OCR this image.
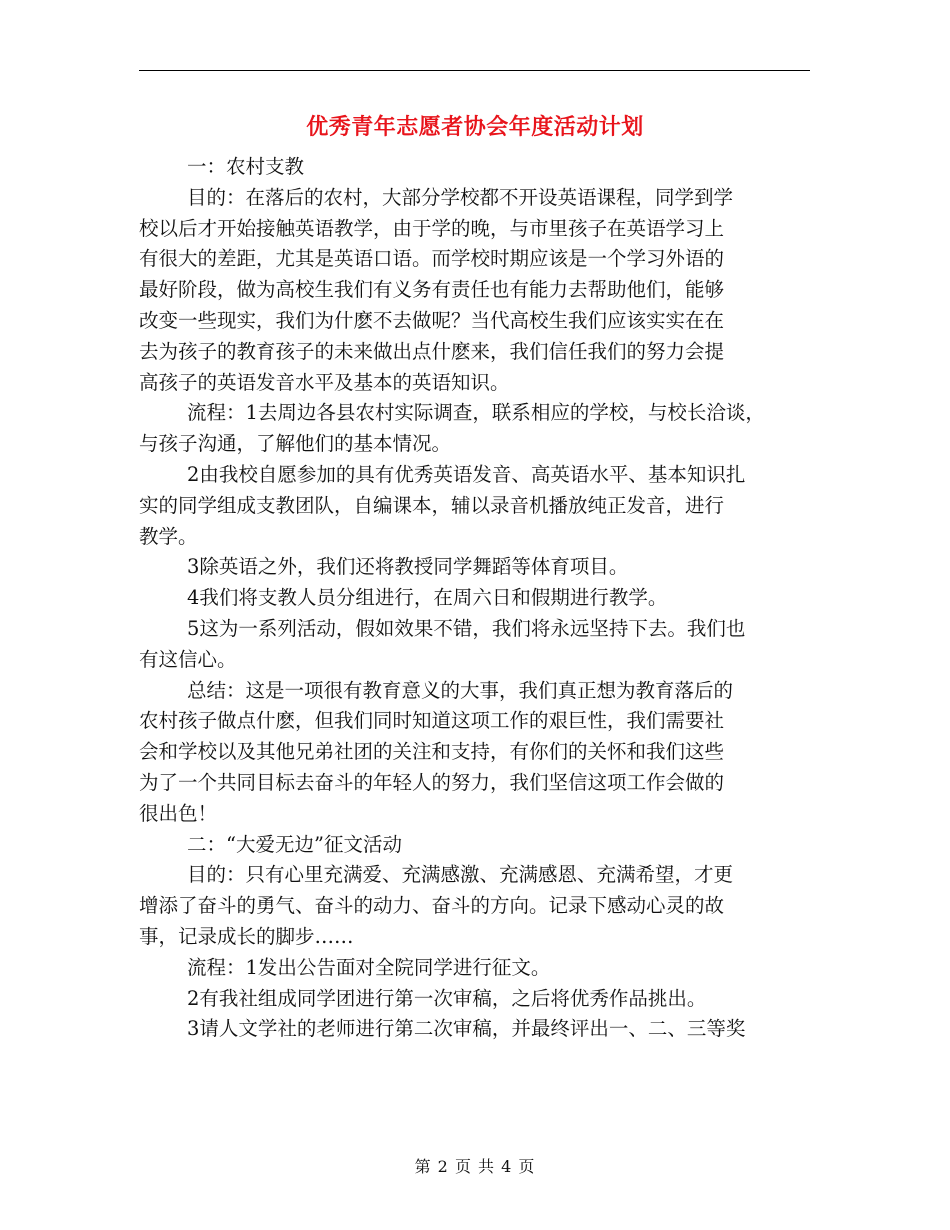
优秀青年志愿者协会年度活动计划
一：农村支教
目的：在落后的农村，大部分学校都不开设英语课程，同学到学
校以后才开始接触英语教学，由于学的晚，与市里孩子在英语学习上
有很大的差距，尤其是英语口语。而学校时期应该是一个学习外语的
最好阶段，做为高校生我们有义务有责任也有能力去帮助他们，能够
改变一些现实，我们为什麽不去做呢？当代高校生我们应该实实在在
去为孩子的教育孩子的未来做出点什麽来，我们信任我们的努力会提
高孩子的英语发音水平及基本的英语知识。
流程：1去周边各县农村实际调查，联系相应的学校，与校长洽谈，
与孩子沟通，了解他们的基本情况。
2由我校自愿参加的具有优秀英语发音、高英语水平、基本知识扎
实的同学组成支教团队，自编课本，辅以录音机播放纯正发音，进行
教学。
3除英语之外，我们还将教授同学舞蹈等体育项目。
4我们将支教人员分组进行，在周六日和假期进行教学。
5这为一系列活动，假如效果不错，我们将永远坚持下去。我们也
有这信心。
总结：这是一项很有教育意义的大事，我们真正想为教育落后的
农村孩子做点什麽，但我们同时知道这项工作的艰巨性，我们需要社
会和学校以及其他兄弟社团的关注和支持，有你们的关怀和我们这些
为了一个共同目标去奋斗的年轻人的努力，我们坚信这项工作会做的
很出色！
二：“大爱无边”征文活动
目的：只有心里充满爱、充满感激、充满感恩、充满希望，才更
增添了奋斗的勇气、奋斗的动力、奋斗的方向。记录下感动心灵的故
事，记录成长的脚步……
流程：1发出公告面对全院同学进行征文。
2有我社组成同学团进行第一次审稿，之后将优秀作品挑出。
3请人文学社的老师进行第二次审稿，并最终评出一、二、三等奖
第 2 页 共 4 页
